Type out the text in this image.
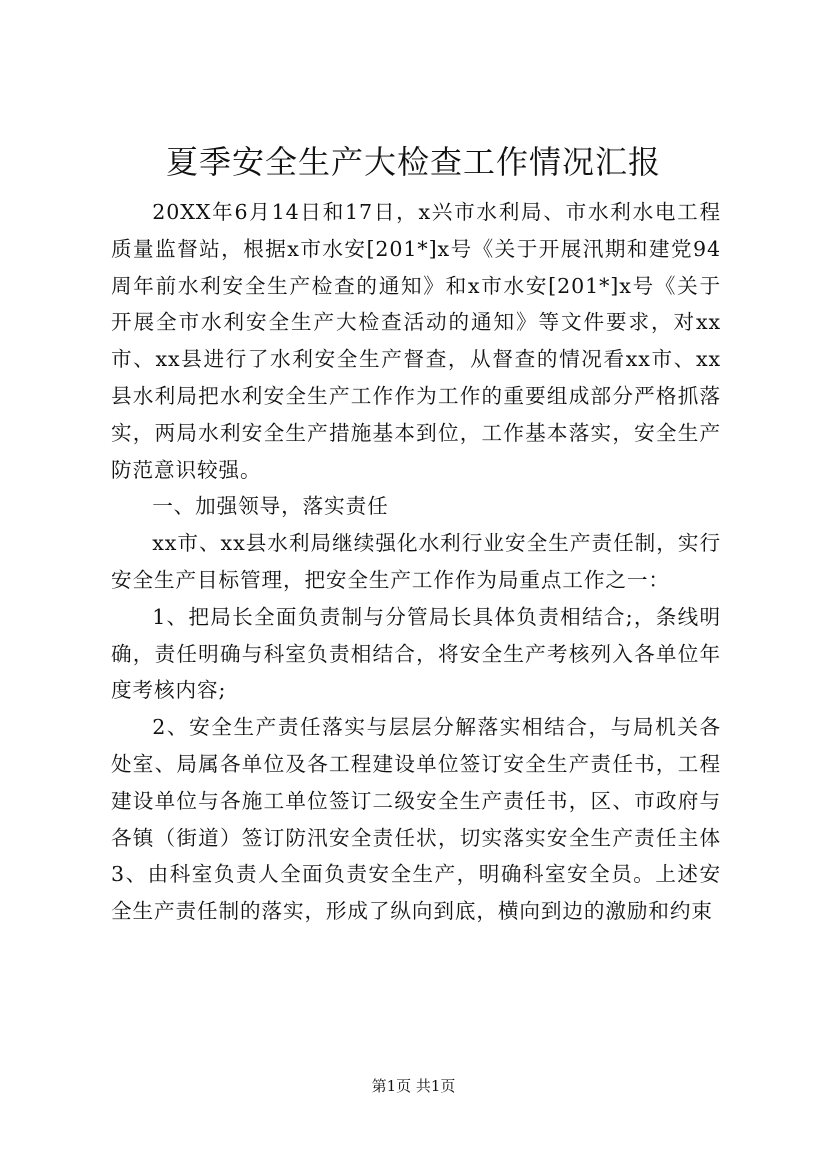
夏季安全生产大检查工作情况汇报

20XX年6月14日和17日，x兴市水利局、市水利水电工程质量监督站，根据x市水安[201*]x号《关于开展汛期和建党94周年前水利安全生产检查的通知》和x市水安[201*]x号《关于开展全市水利安全生产大检查活动的通知》等文件要求，对xx市、xx县进行了水利安全生产督查，从督查的情况看xx市、xx县水利局把水利安全生产工作作为工作的重要组成部分严格抓落实，两局水利安全生产措施基本到位，工作基本落实，安全生产防范意识较强。

一、加强领导，落实责任

xx市、xx县水利局继续强化水利行业安全生产责任制，实行安全生产目标管理，把安全生产工作作为局重点工作之一：

1、把局长全面负责制与分管局长具体负责相结合;，条线明确，责任明确与科室负责相结合，将安全生产考核列入各单位年度考核内容;

2、安全生产责任落实与层层分解落实相结合，与局机关各处室、局属各单位及各工程建设单位签订安全生产责任书，工程建设单位与各施工单位签订二级安全生产责任书，区、市政府与各镇（街道）签订防汛安全责任状，切实落实安全生产责任主体3、由科室负责人全面负责安全生产，明确科室安全员。上述安全生产责任制的落实，形成了纵向到底，横向到边的激励和约束

第1页 共1页
